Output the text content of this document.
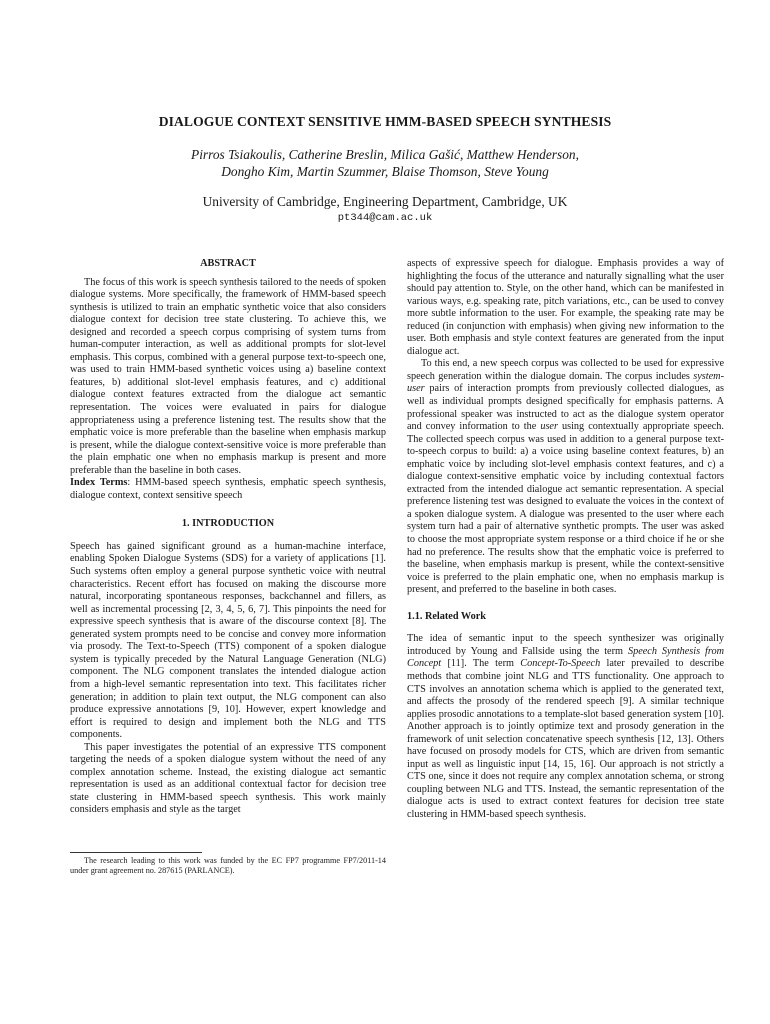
DIALOGUE CONTEXT SENSITIVE HMM-BASED SPEECH SYNTHESIS
Pirros Tsiakoulis, Catherine Breslin, Milica Gašić, Matthew Henderson,
Dongho Kim, Martin Szummer, Blaise Thomson, Steve Young
University of Cambridge, Engineering Department, Cambridge, UK
pt344@cam.ac.uk
ABSTRACT

The focus of this work is speech synthesis tailored to the needs of spoken dialogue systems. More specifically, the framework of HMM-based speech synthesis is utilized to train an emphatic synthetic voice that also considers dialogue context for decision tree state clustering. To achieve this, we designed and recorded a speech corpus comprising of system turns from human-computer interaction, as well as additional prompts for slot-level emphasis. This corpus, combined with a general purpose text-to-speech one, was used to train HMM-based synthetic voices using a) baseline context features, b) additional slot-level emphasis features, and c) additional dialogue context features extracted from the dialogue act semantic representation. The voices were evaluated in pairs for dialogue appropriateness using a preference listening test. The results show that the emphatic voice is more preferable than the baseline when emphasis markup is present, while the dialogue context-sensitive voice is more preferable than the plain emphatic one when no emphasis markup is present and more preferable than the baseline in both cases.

Index Terms: HMM-based speech synthesis, emphatic speech synthesis, dialogue context, context sensitive speech

1. INTRODUCTION

Speech has gained significant ground as a human-machine interface, enabling Spoken Dialogue Systems (SDS) for a variety of applications [1]. Such systems often employ a general purpose synthetic voice with neutral characteristics. Recent effort has focused on making the discourse more natural, incorporating spontaneous responses, backchannel and fillers, as well as incremental processing [2, 3, 4, 5, 6, 7]. This pinpoints the need for expressive speech synthesis that is aware of the discourse context [8]. The generated system prompts need to be concise and convey more information via prosody. The Text-to-Speech (TTS) component of a spoken dialogue system is typically preceded by the Natural Language Generation (NLG) component. The NLG component translates the intended dialogue action from a high-level semantic representation into text. This facilitates richer generation; in addition to plain text output, the NLG component can also produce expressive annotations [9, 10]. However, expert knowledge and effort is required to design and implement both the NLG and TTS components.

This paper investigates the potential of an expressive TTS component targeting the needs of a spoken dialogue system without the need of any complex annotation scheme. Instead, the existing dialogue act semantic representation is used as an additional contextual factor for decision tree state clustering in HMM-based speech synthesis. This work mainly considers emphasis and style as the target

The research leading to this work was funded by the EC FP7 programme FP7/2011-14 under grant agreement no. 287615 (PARLANCE).

aspects of expressive speech for dialogue. Emphasis provides a way of highlighting the focus of the utterance and naturally signalling what the user should pay attention to. Style, on the other hand, which can be manifested in various ways, e.g. speaking rate, pitch variations, etc., can be used to convey more subtle information to the user. For example, the speaking rate may be reduced (in conjunction with emphasis) when giving new information to the user. Both emphasis and style context features are generated from the input dialogue act.

To this end, a new speech corpus was collected to be used for expressive speech generation within the dialogue domain. The corpus includes system-user pairs of interaction prompts from previously collected dialogues, as well as individual prompts designed specifically for emphasis patterns. A professional speaker was instructed to act as the dialogue system operator and convey information to the user using contextually appropriate speech. The collected speech corpus was used in addition to a general purpose text-to-speech corpus to build: a) a voice using baseline context features, b) an emphatic voice by including slot-level emphasis context features, and c) a dialogue context-sensitive emphatic voice by including contextual factors extracted from the intended dialogue act semantic representation. A special preference listening test was designed to evaluate the voices in the context of a spoken dialogue system. A dialogue was presented to the user where each system turn had a pair of alternative synthetic prompts. The user was asked to choose the most appropriate system response or a third choice if he or she had no preference. The results show that the emphatic voice is preferred to the baseline, when emphasis markup is present, while the context-sensitive voice is preferred to the plain emphatic one, when no emphasis markup is present, and preferred to the baseline in both cases.

1.1. Related Work

The idea of semantic input to the speech synthesizer was originally introduced by Young and Fallside using the term Speech Synthesis from Concept [11]. The term Concept-To-Speech later prevailed to describe methods that combine joint NLG and TTS functionality. One approach to CTS involves an annotation schema which is applied to the generated text, and affects the prosody of the rendered speech [9]. A similar technique applies prosodic annotations to a template-slot based generation system [10]. Another approach is to jointly optimize text and prosody generation in the framework of unit selection concatenative speech synthesis [12, 13]. Others have focused on prosody models for CTS, which are driven from semantic input as well as linguistic input [14, 15, 16]. Our approach is not strictly a CTS one, since it does not require any complex annotation schema, or strong coupling between NLG and TTS. Instead, the semantic representation of the dialogue acts is used to extract context features for decision tree state clustering in HMM-based speech synthesis.
